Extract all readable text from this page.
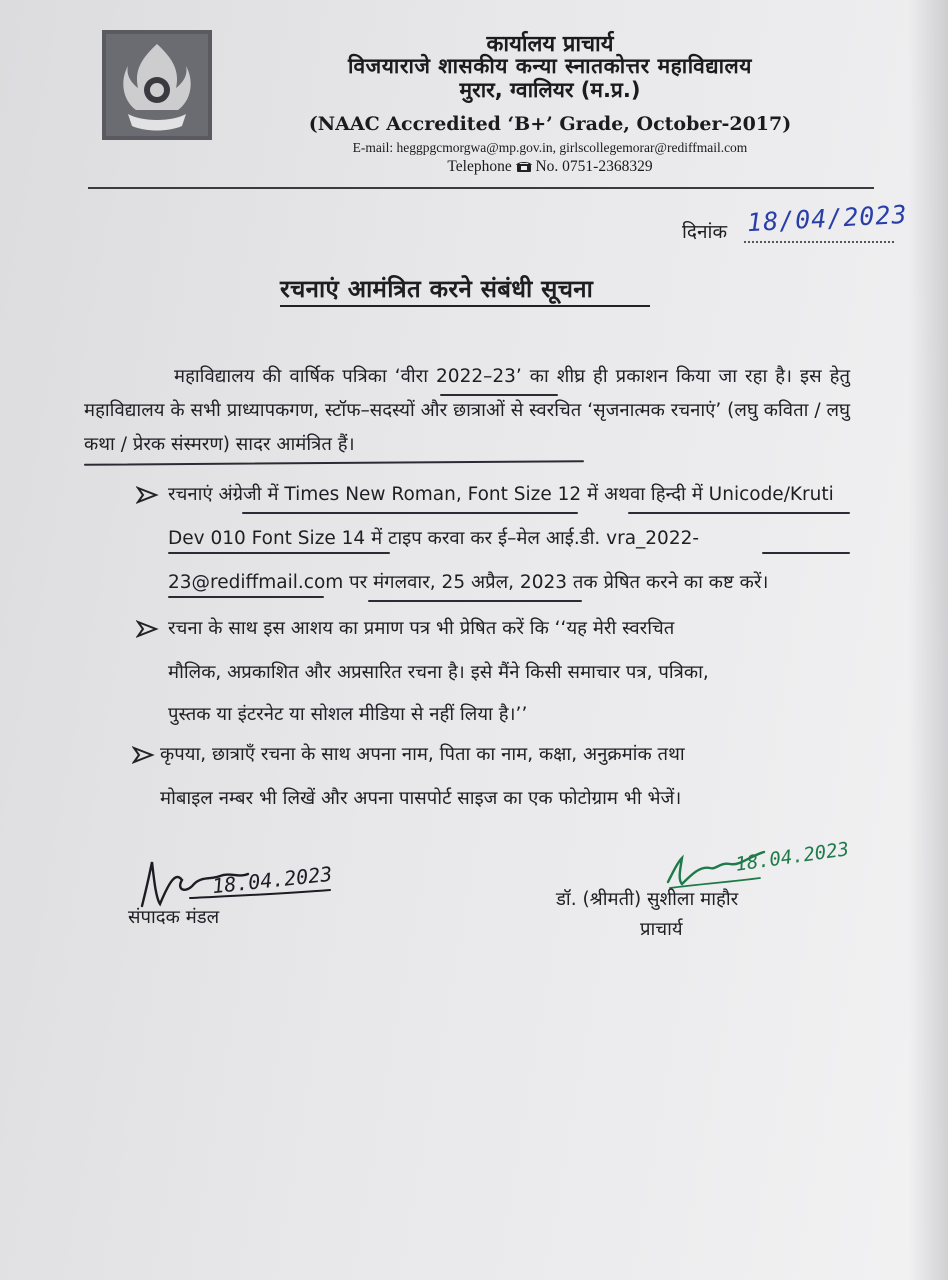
कार्यालय प्राचार्य
विजयाराजे शासकीय कन्या स्नातकोत्तर महाविद्यालय
मुरार, ग्वालियर (म.प्र.)
(NAAC Accredited ‘B+’ Grade, October-2017)
E-mail: heggpgcmorgwa@mp.gov.in, girlscollegemorar@rediffmail.com
Telephone No. 0751-2368329
दिनांक 18/04/2023
रचनाएं आमंत्रित करने संबंधी सूचना
महाविद्यालय की वार्षिक पत्रिका ‘वीरा 2022–23’ का शीघ्र ही प्रकाशन किया जा रहा है। इस हेतु महाविद्यालय के सभी प्राध्यापकगण, स्टॉफ–सदस्यों और छात्राओं से स्वरचित ‘सृजनात्मक रचनाएं’ (लघु कविता / लघु कथा / प्रेरक संस्मरण) सादर आमंत्रित हैं।
रचनाएं अंग्रेजी में Times New Roman, Font Size 12 में अथवा हिन्दी में Unicode/Kruti
Dev 010 Font Size 14 में टाइप करवा कर ई–मेल आई.डी. vra_2022-
23@rediffmail.com पर मंगलवार, 25 अप्रैल, 2023 तक प्रेषित करने का कष्ट करें।
रचना के साथ इस आशय का प्रमाण पत्र भी प्रेषित करें कि ‘‘यह मेरी स्वरचित
मौलिक, अप्रकाशित और अप्रसारित रचना है। इसे मैंने किसी समाचार पत्र, पत्रिका,
पुस्तक या इंटरनेट या सोशल मीडिया से नहीं लिया है।’’
कृपया, छात्राएँ रचना के साथ अपना नाम, पिता का नाम, कक्षा, अनुक्रमांक तथा
मोबाइल नम्बर भी लिखें और अपना पासपोर्ट साइज का एक फोटोग्राम भी भेजें।
18.04.2023
संपादक मंडल
18.04.2023
डॉ. (श्रीमती) सुशीला माहौर
प्राचार्य
